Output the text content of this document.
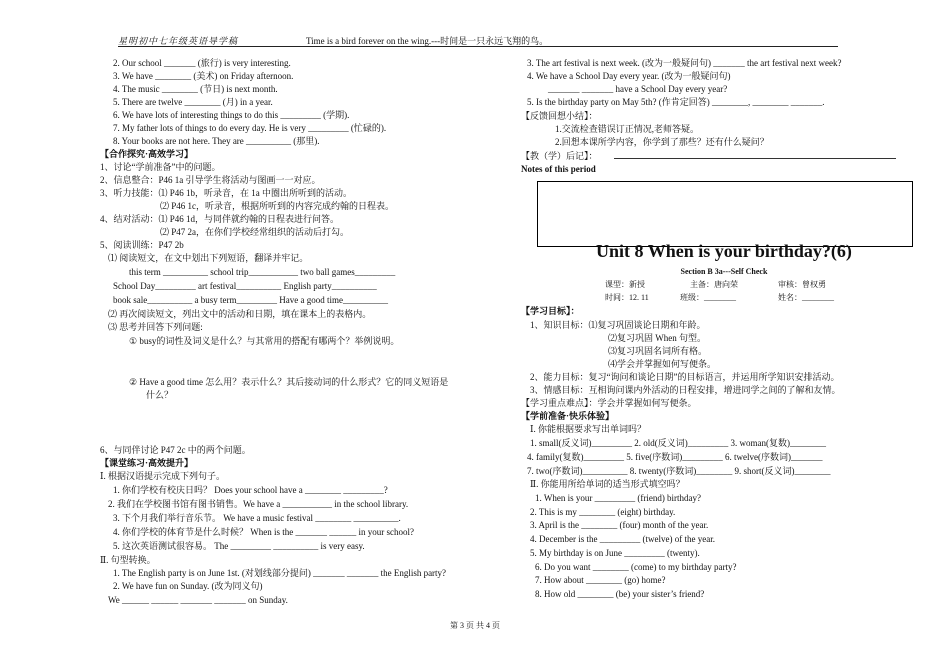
星明初中七年级英语导学稿	Time is a bird forever on the wing.---时间是一只永远飞翔的鸟。
2. Our school _______ (旅行) is very interesting.
3. We have ________ (美术) on Friday afternoon.
4. The music ________ (节日) is next month.
5. There are twelve ________ (月) in a year.
6. We have lots of interesting things to do this _________ (学期).
7. My father lots of things to do every day. He is very _________ (忙碌的).
8. Your books are not here. They are __________ (那里).
【合作探究·高效学习】
1、讨论“学前准备”中的问题。
2、信息整合：P46 1a 引导学生将活动与图画一一对应。
3、听力技能：⑴ P46 1b，听录音，在 1a 中圈出所听到的活动。
⑵ P46 1c，听录音，根据所听到的内容完成约翰的日程表。
4、结对活动：⑴ P46 1d，与同伴就约翰的日程表进行问答。
⑵ P47 2a，在你们学校经常组织的活动后打勾。
5、阅读训练：P47 2b
⑴ 阅读短文，在文中划出下列短语，翻译并牢记。
this term __________ school trip___________ two ball games_________
School Day_________ art festival__________ English party__________
book sale__________ a busy term_________ Have a good time__________
⑵ 再次阅读短文，列出文中的活动和日期，填在课本上的表格内。
⑶ 思考并回答下列问题:
① busy的词性及词义是什么？与其常用的搭配有哪两个？举例说明。
② Have a good time 怎么用？表示什么？其后接动词的什么形式？它的同义短语是
什么？
6、与同伴讨论 P47 2c 中的两个问题。
【课堂练习·高效提升】
Ⅰ. 根据汉语提示完成下列句子。
1. 你们学校有校庆日吗？ Does your school have a ________ _________?
2. 我们在学校图书馆有图书销售。We have a ___________ in the school library.
3. 下个月我们举行音乐节。 We have a music festival ________ __________.
4. 你们学校的体育节是什么时候？ When is the _______ ______ in your school?
5. 这次英语测试很容易。 The _________ __________ is very easy.
Ⅱ. 句型转换。
1. The English party is on June 1st. (对划线部分提问) _______ _______ the English party?
2. We have fun on Sunday. (改为同义句)
We ______ ______ _______ _______ on Sunday.
3. The art festival is next week. (改为一般疑问句) _______ the art festival next week?
4. We have a School Day every year. (改为一般疑问句)
_______ _______ have a School Day every year?
5. Is the birthday party on May 5th? (作肯定回答) ________, ________ _______.
【反馈回想小结】：
1.交流检查错误订正情况,老师答疑。
2.回想本课所学内容，你学到了那些？还有什么疑问？
【教（学）后记】：
Notes of this period
【学习目标】：
1、知识目标：⑴复习巩固谈论日期和年龄。
⑵复习巩固 When 句型。
⑶复习巩固名词所有格。
⑷学会并掌握如何写便条。
2、能力目标：复习“询问和谈论日期”的目标语言，并运用所学知识安排活动。
3、情感目标：互相询问课内外活动的日程安排，增进同学之间的了解和友情。
【学习重点难点】：学会并掌握如何写便条。
【学前准备·快乐体验】
Ⅰ. 你能根据要求写出单词吗？
1. small(反义词)_________ 2. old(反义词)_________ 3. woman(复数)________
4. family(复数)_________ 5. five(序数词)_________ 6. twelve(序数词)_______
7. two(序数词)__________ 8. twenty(序数词)________ 9. short(反义词)________
Ⅱ. 你能用所给单词的适当形式填空吗？
1. When is your _________ (friend) birthday?
2. This is my ________ (eight) birthday.
3. April is the ________ (four) month of the year.
4. December is the _________ (twelve) of the year.
5. My birthday is on June _________ (twenty).
6. Do you want ________ (come) to my birthday party?
7. How about ________ (go) home?
8. How old ________ (be) your sister’s friend?
Unit 8 When is your birthday?(6)
Section B 3a---Self Check
课型：新授	主备：唐向荣	审核：曾权勇
时间：12. 11	班级：________	姓名：________
第 3 页 共 4 页
